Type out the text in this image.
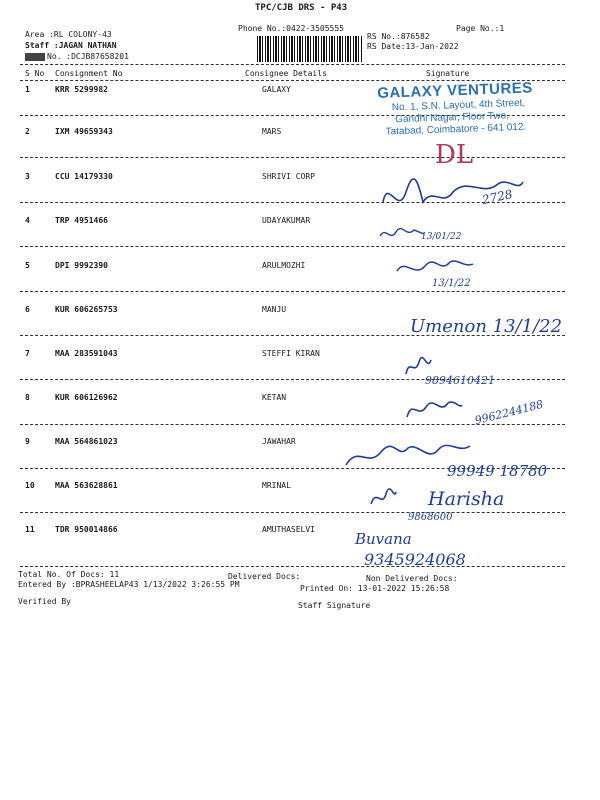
TPC/CJB DRS - P43
Phone No.:0422-3505555	Page No.:1
Area :RL COLONY-43
Staff :JAGAN NATHAN
No. :DCJB87658201
RS No.:876582
RS Date:13-Jan-2022
S No Consignment No	Consignee Details	Signature
1	KRR 5299982	GALAXY
2	IXM 49659343	MARS
3	CCU 14179330	SHRIVI CORP
4	TRP 4951466	UDAYAKUMAR
5	DPI 9992390	ARULMOZHI
6	KUR 606265753	MANJU
7	MAA 283591043	STEFFI KIRAN
8	KUR 606126962	KETAN
9	MAA 564861023	JAWAHAR
10	MAA 563628861	MRINAL
11	TDR 950014866	AMUTHASELVI
GALAXY VENTURES
No. 1, S.N. Layout, 4th Street,
Gandhi Nagar, Floor Two,
Tatabad, Coimbatore - 641 012.
DL
2728
13/01/22
13/1/22
Umenon 13/1/22
9894610421
9962244188
99949 18780
Harisha
9868600
Buvana
9345924068
Total No. Of Docs: 11	Delivered Docs:	Non Delivered Docs:
Entered By :BPRASHEELAP43 1/13/2022 3:26:55 PM	Printed On: 13-01-2022 15:26:58
Verified By	Staff Signature
